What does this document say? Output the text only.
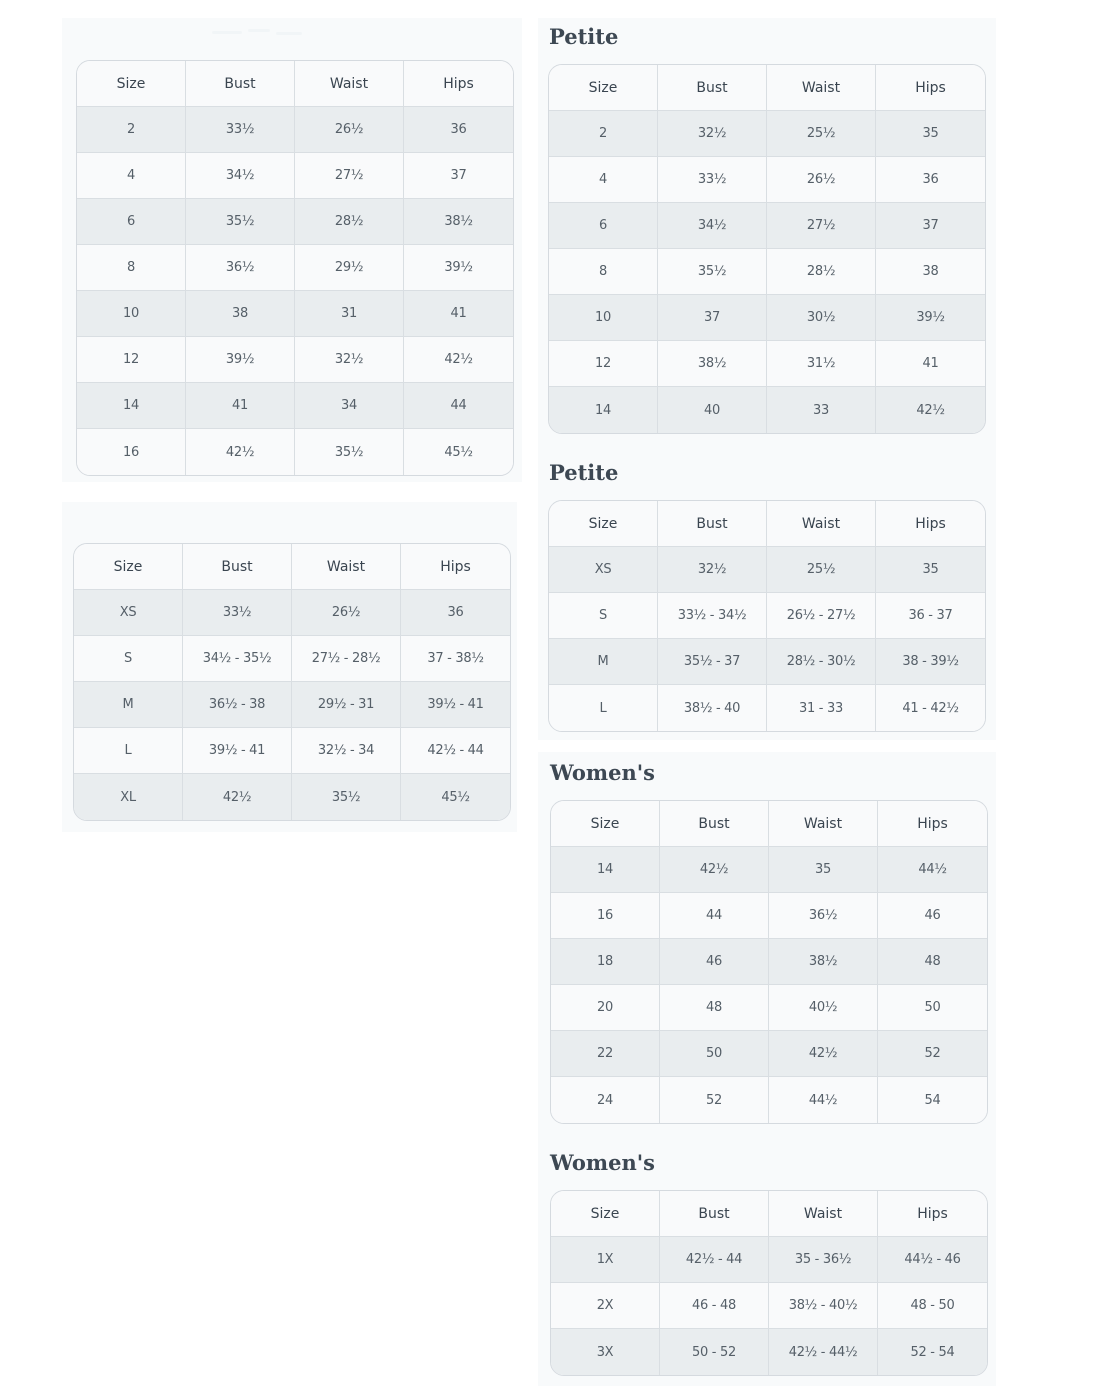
Size	Bust	Waist	Hips
2	33½	26½	36
4	34½	27½	37
6	35½	28½	38½
8	36½	29½	39½
10	38	31	41
12	39½	32½	42½
14	41	34	44
16	42½	35½	45½
Size	Bust	Waist	Hips
XS	33½	26½	36
S	34½ - 35½	27½ - 28½	37 - 38½
M	36½ - 38	29½ - 31	39½ - 41
L	39½ - 41	32½ - 34	42½ - 44
XL	42½	35½	45½
Petite
Size	Bust	Waist	Hips
2	32½	25½	35
4	33½	26½	36
6	34½	27½	37
8	35½	28½	38
10	37	30½	39½
12	38½	31½	41
14	40	33	42½
Petite
Size	Bust	Waist	Hips
XS	32½	25½	35
S	33½ - 34½	26½ - 27½	36 - 37
M	35½ - 37	28½ - 30½	38 - 39½
L	38½ - 40	31 - 33	41 - 42½
Women's
Size	Bust	Waist	Hips
14	42½	35	44½
16	44	36½	46
18	46	38½	48
20	48	40½	50
22	50	42½	52
24	52	44½	54
Women's
Size	Bust	Waist	Hips
1X	42½ - 44	35 - 36½	44½ - 46
2X	46 - 48	38½ - 40½	48 - 50
3X	50 - 52	42½ - 44½	52 - 54
